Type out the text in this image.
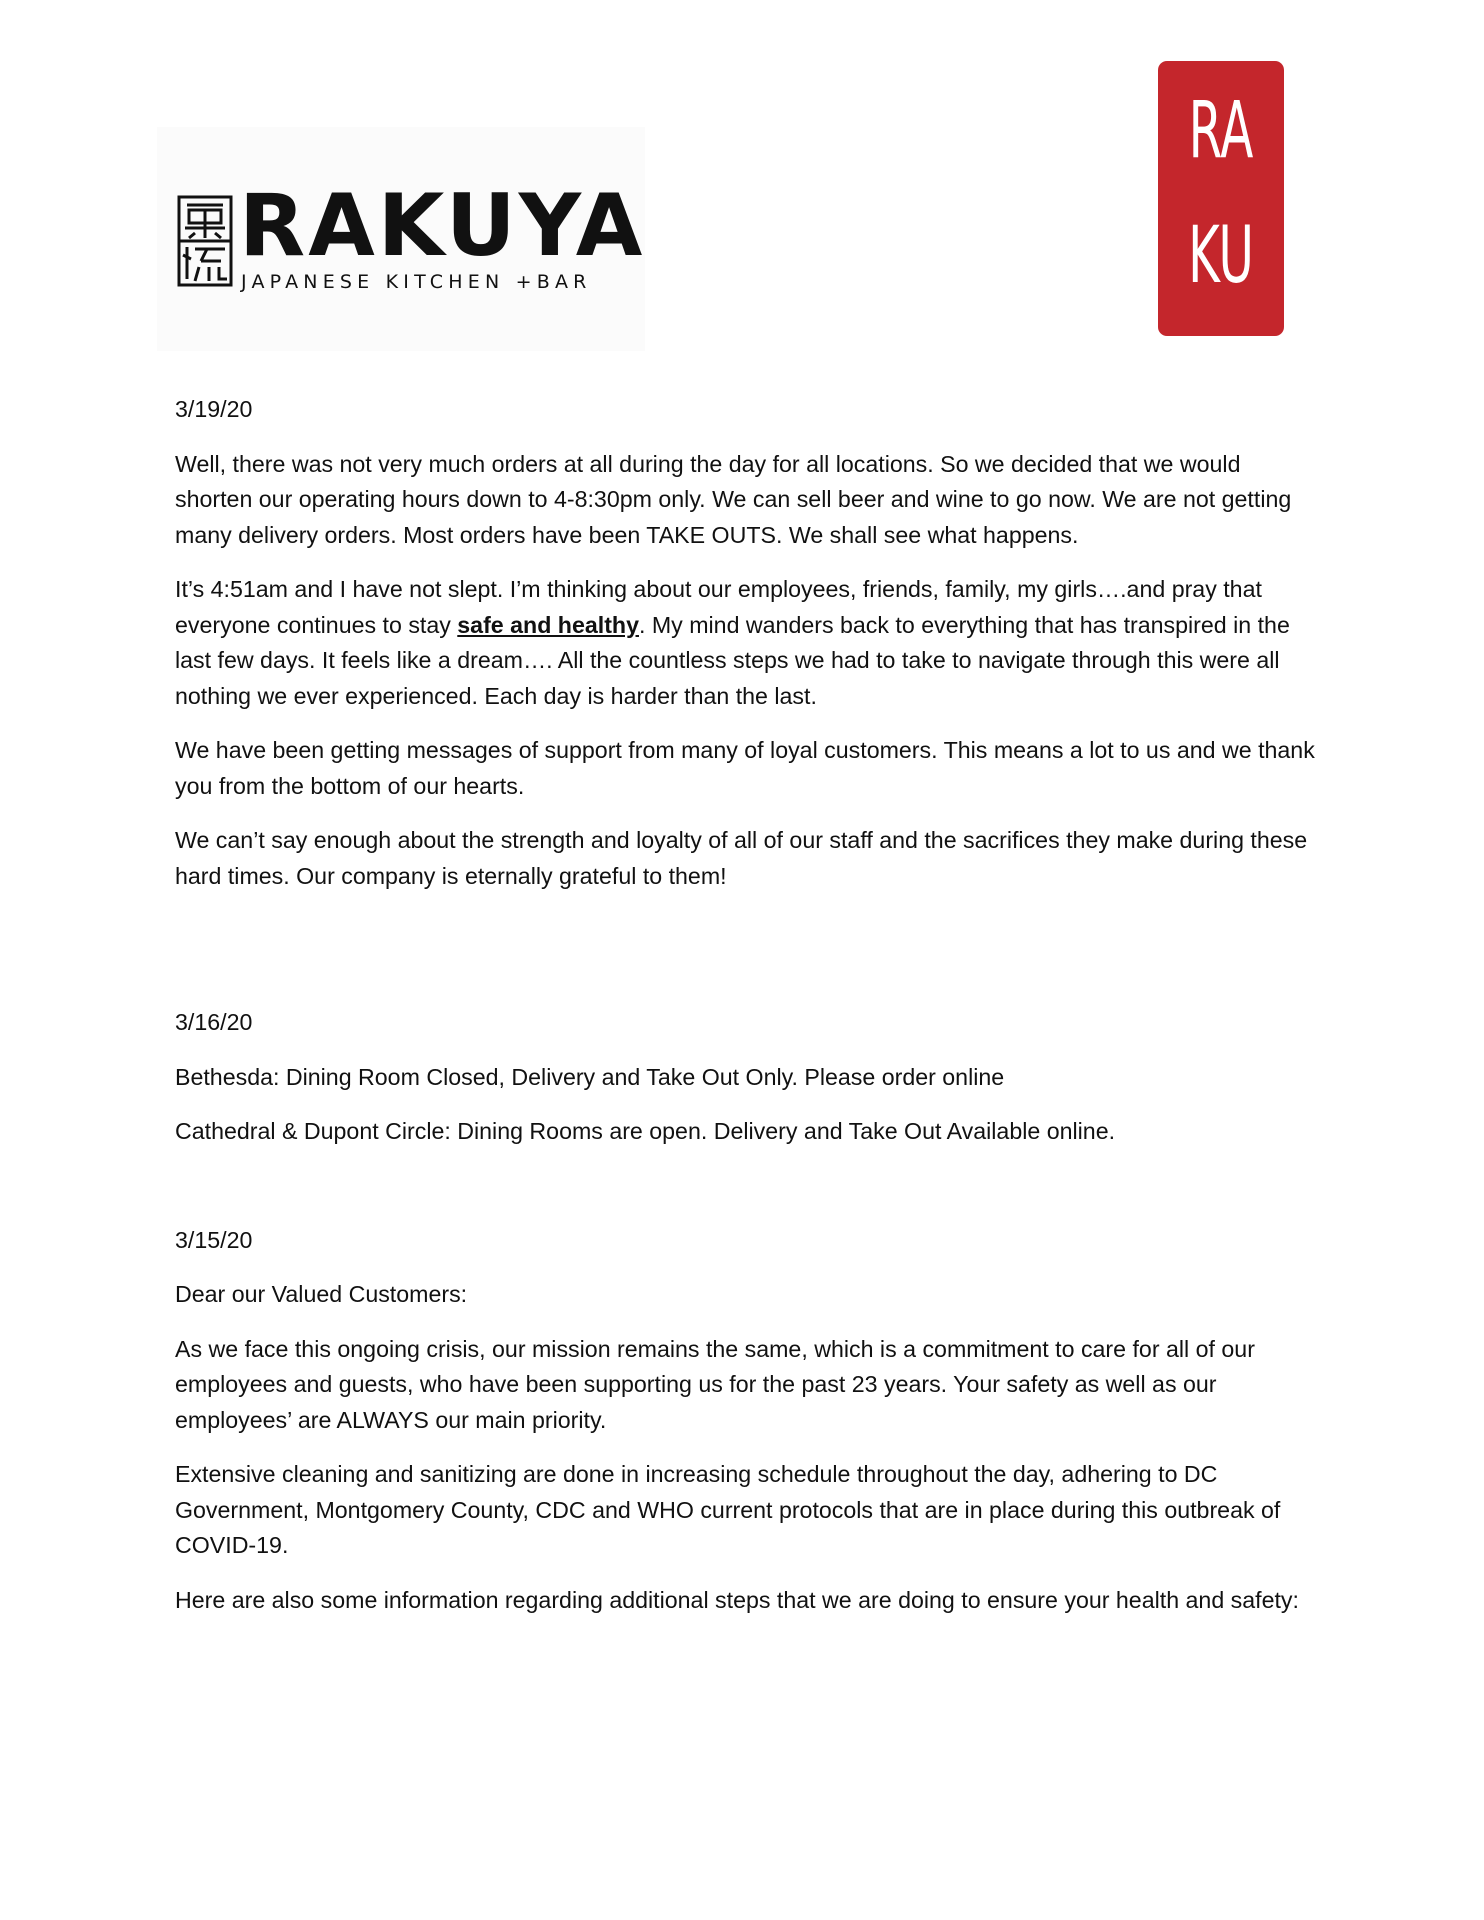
RAKUYA
JAPANESE KITCHEN +BAR
RA
KU

3/19/20

Well, there was not very much orders at all during the day for all locations. So we decided that we would shorten our operating hours down to 4-8:30pm only. We can sell beer and wine to go now. We are not getting many delivery orders. Most orders have been TAKE OUTS. We shall see what happens.

It’s 4:51am and I have not slept. I’m thinking about our employees, friends, family, my girls….and pray that everyone continues to stay safe and healthy. My mind wanders back to everything that has transpired in the last few days. It feels like a dream…. All the countless steps we had to take to navigate through this were all nothing we ever experienced. Each day is harder than the last.

We have been getting messages of support from many of loyal customers. This means a lot to us and we thank you from the bottom of our hearts.

We can’t say enough about the strength and loyalty of all of our staff and the sacrifices they make during these hard times. Our company is eternally grateful to them!

3/16/20

Bethesda: Dining Room Closed, Delivery and Take Out Only. Please order online

Cathedral & Dupont Circle: Dining Rooms are open. Delivery and Take Out Available online.

3/15/20

Dear our Valued Customers:

As we face this ongoing crisis, our mission remains the same, which is a commitment to care for all of our employees and guests, who have been supporting us for the past 23 years. Your safety as well as our employees’ are ALWAYS our main priority.

Extensive cleaning and sanitizing are done in increasing schedule throughout the day, adhering to DC Government, Montgomery County, CDC and WHO current protocols that are in place during this outbreak of COVID-19.

Here are also some information regarding additional steps that we are doing to ensure your health and safety:
